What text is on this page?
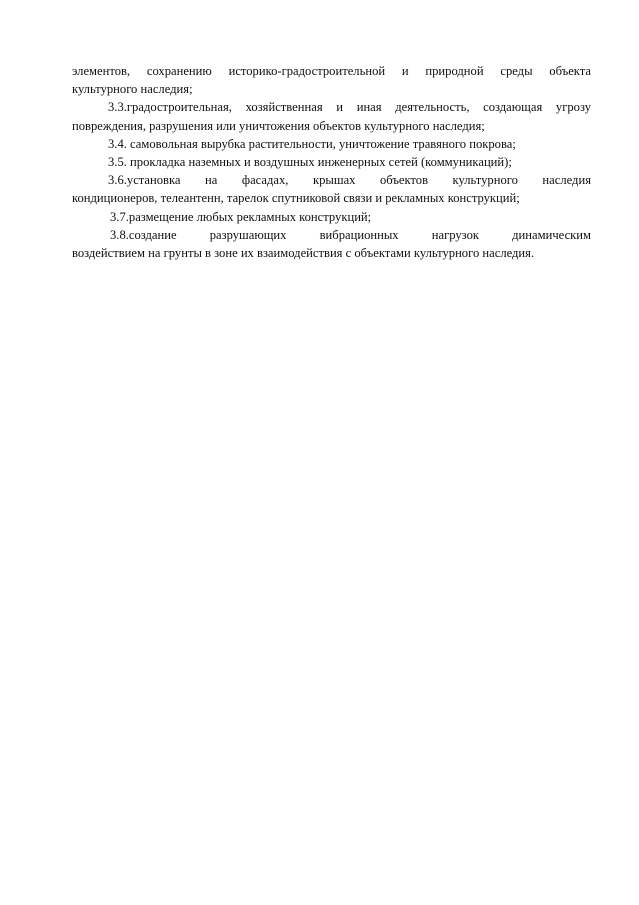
элементов, сохранению историко-градостроительной и природной среды объекта
культурного наследия;

3.3.градостроительная, хозяйственная и иная деятельность, создающая угрозу
повреждения, разрушения или уничтожения объектов культурного наследия;

3.4. самовольная вырубка растительности, уничтожение травяного покрова;

3.5. прокладка наземных и воздушных инженерных сетей (коммуникаций);

3.6.установка на фасадах, крышах объектов культурного наследия
кондиционеров, телеантенн, тарелок спутниковой связи и рекламных конструкций;

3.7.размещение любых рекламных конструкций;

3.8.создание разрушающих вибрационных нагрузок динамическим
воздействием на грунты в зоне их взаимодействия с объектами культурного наследия.
